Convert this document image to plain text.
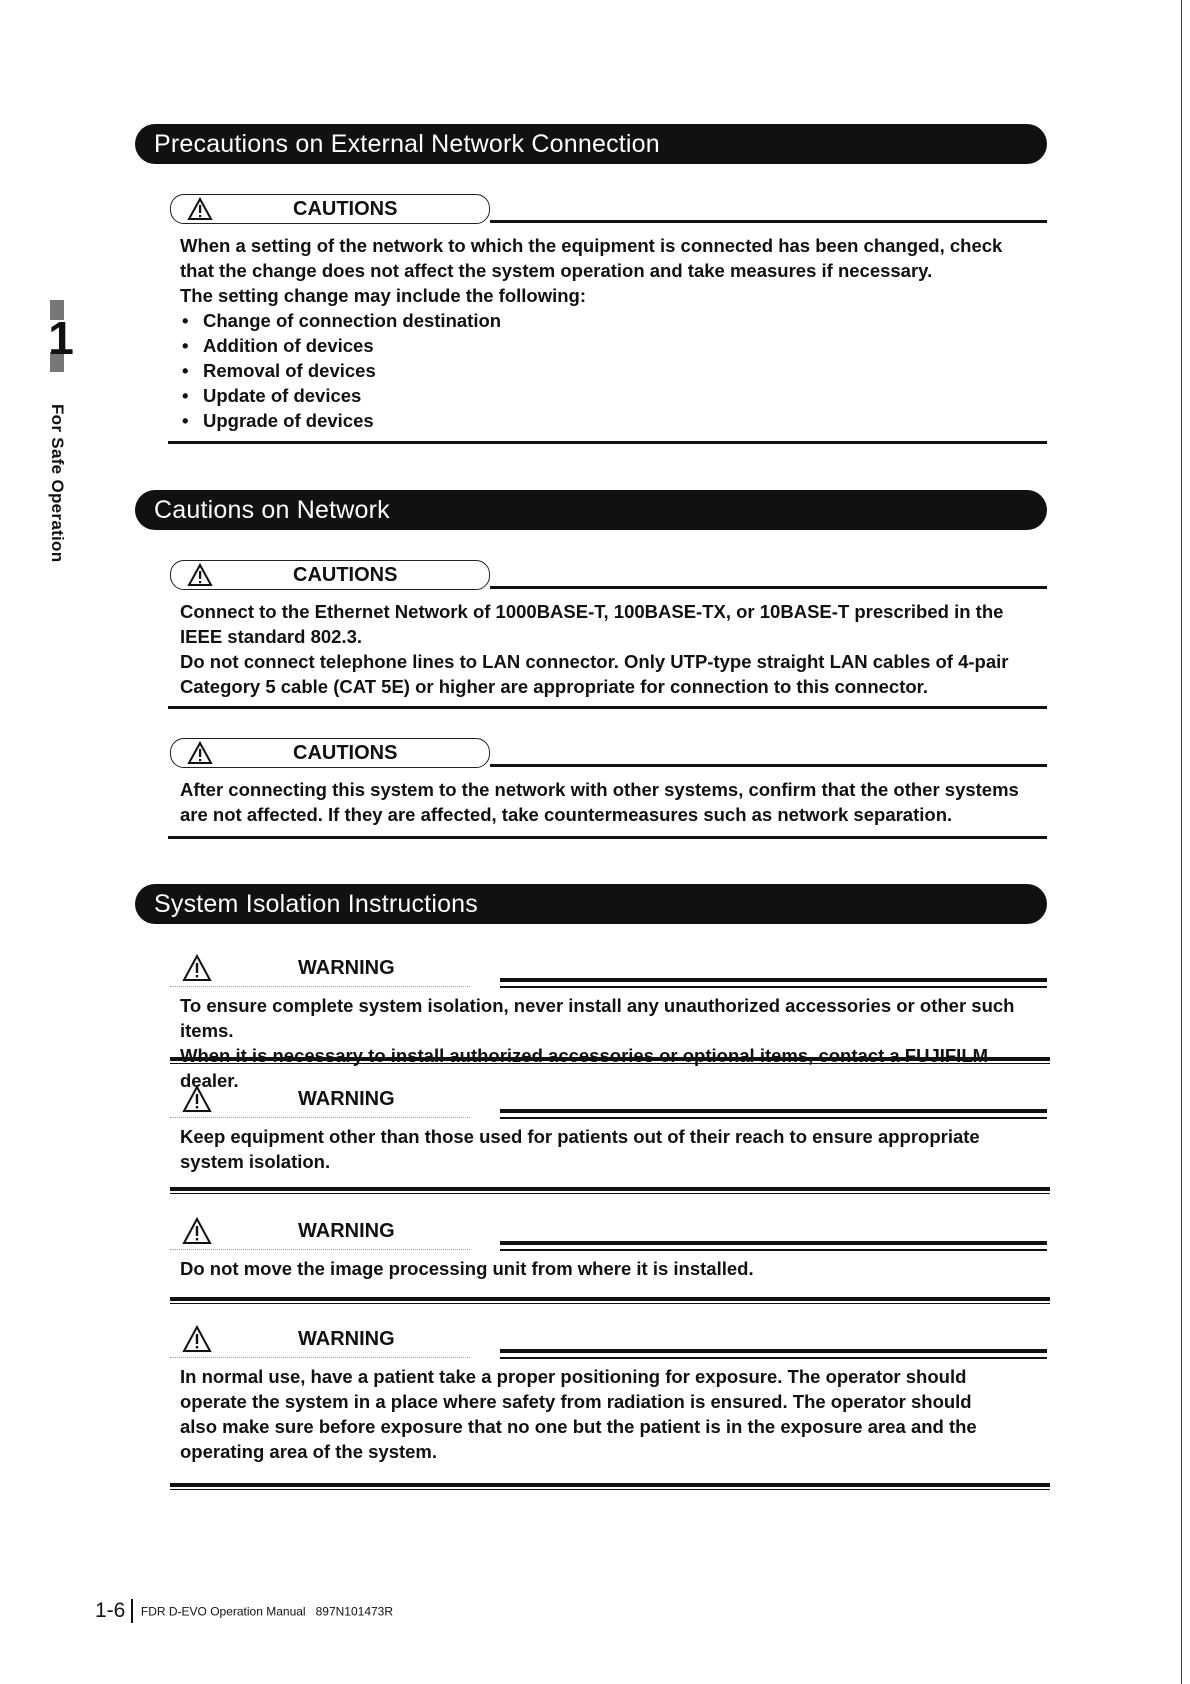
1
For Safe Operation
Precautions on External Network Connection
CAUTIONS

When a setting of the network to which the equipment is connected has been changed, check

that the change does not affect the system operation and take measures if necessary.

The setting change may include the following:

• Change of connection destination
• Addition of devices
• Removal of devices
• Update of devices
• Upgrade of devices
Cautions on Network
CAUTIONS

Connect to the Ethernet Network of 1000BASE-T, 100BASE-TX, or 10BASE-T prescribed in the

IEEE standard 802.3.

Do not connect telephone lines to LAN connector. Only UTP-type straight LAN cables of 4-pair

Category 5 cable (CAT 5E) or higher are appropriate for connection to this connector.

CAUTIONS

After connecting this system to the network with other systems, confirm that the other systems

are not affected. If they are affected, take countermeasures such as network separation.

System Isolation Instructions
WARNING

To ensure complete system isolation, never install any unauthorized accessories or other such items.

When it is necessary to install authorized accessories or optional items, contact a FUJIFILM dealer.

WARNING

Keep equipment other than those used for patients out of their reach to ensure appropriate

system isolation.

WARNING

Do not move the image processing unit from where it is installed.

WARNING

In normal use, have a patient take a proper positioning for exposure. The operator should

operate the system in a place where safety from radiation is ensured. The operator should

also make sure before exposure that no one but the patient is in the exposure area and the

operating area of the system.

1-6 FDR D-EVO Operation Manual 897N101473R
